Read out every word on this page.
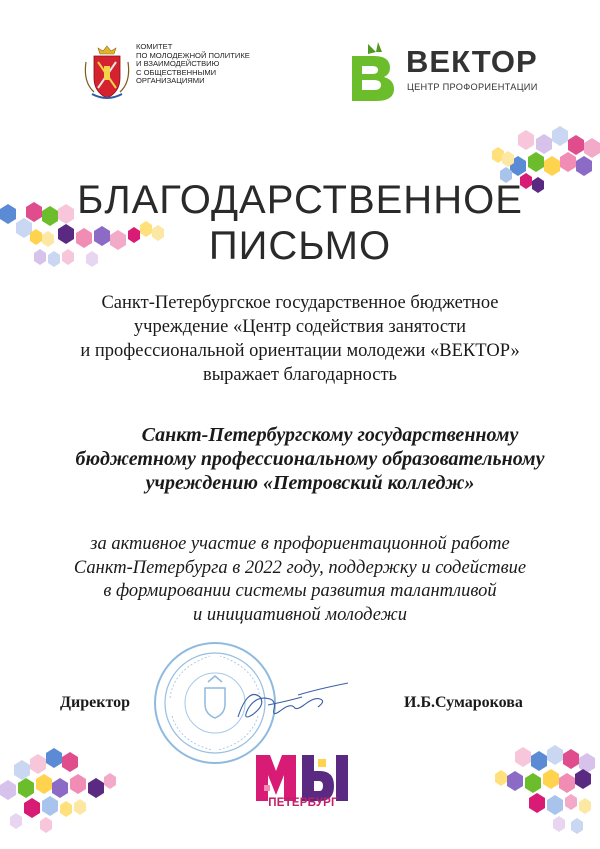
КОМИТЕТ
ПО МОЛОДЕЖНОЙ ПОЛИТИКЕ
И ВЗАИМОДЕЙСТВИЮ
С ОБЩЕСТВЕННЫМИ
ОРГАНИЗАЦИЯМИ
ВЕКТОР
ЦЕНТР ПРОФОРИЕНТАЦИИ
БЛАГОДАРСТВЕННОЕ
ПИСЬМО
Санкт-Петербургское государственное бюджетное
учреждение «Центр содействия занятости
и профессиональной ориентации молодежи «ВЕКТОР»
выражает благодарность
Санкт-Петербургскому государственному
бюджетному профессиональному образовательному
учреждению «Петровский колледж»
за активное участие в профориентационной работе
Санкт-Петербурга в 2022 году, поддержку и содействие
в формировании системы развития талантливой
и инициативной молодежи
Директор	И.Б.Сумарокова
ПЕТЕРБУРГ
